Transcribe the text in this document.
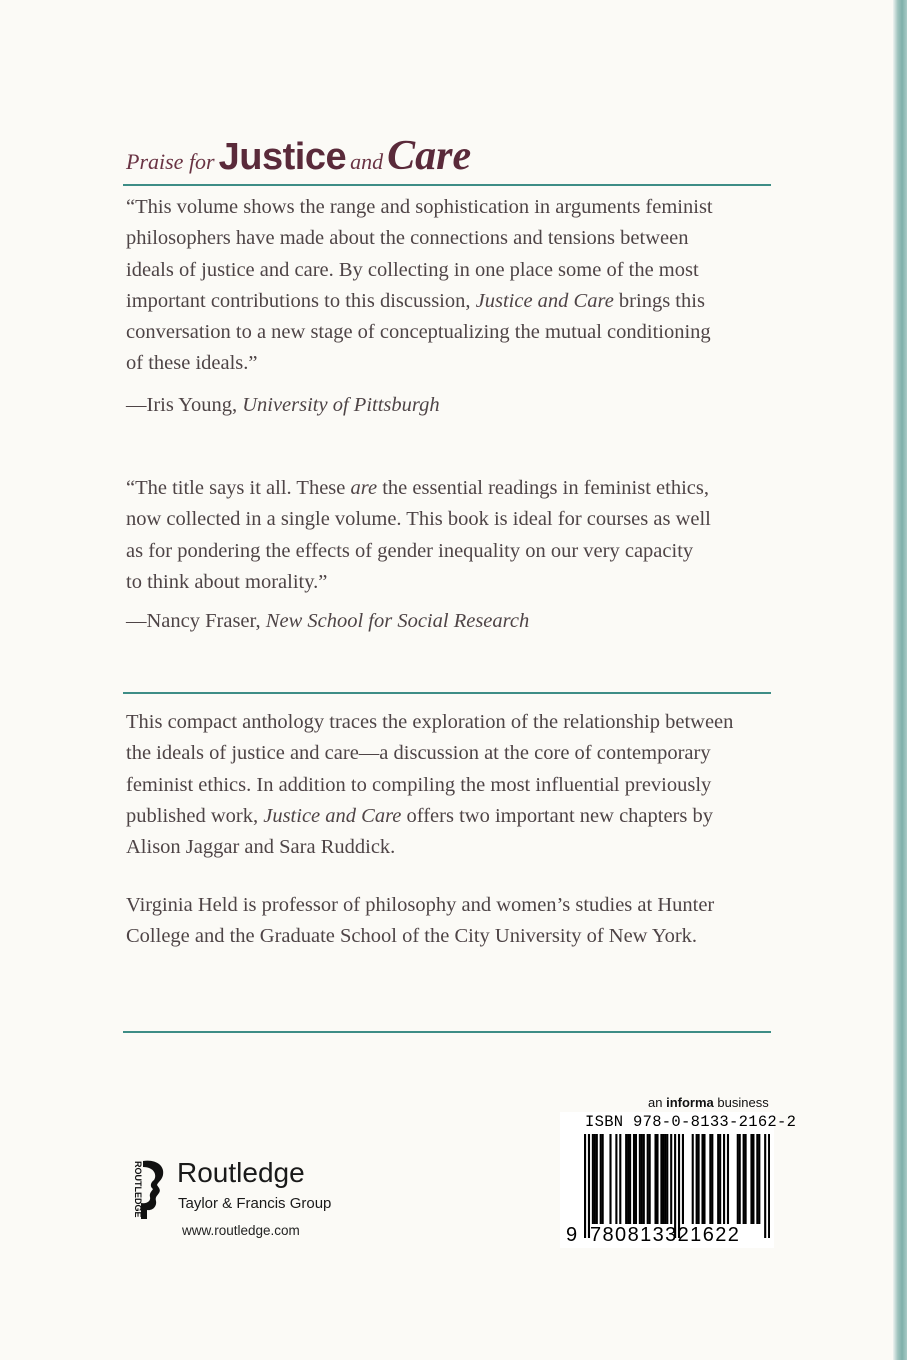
Praise for Justice and Care

“This volume shows the range and sophistication in arguments feminist
philosophers have made about the connections and tensions between
ideals of justice and care. By collecting in one place some of the most
important contributions to this discussion, Justice and Care brings this
conversation to a new stage of conceptualizing the mutual conditioning
of these ideals.”

—Iris Young, University of Pittsburgh

“The title says it all. These are the essential readings in feminist ethics,
now collected in a single volume. This book is ideal for courses as well
as for pondering the effects of gender inequality on our very capacity
to think about morality.”

—Nancy Fraser, New School for Social Research

This compact anthology traces the exploration of the relationship between
the ideals of justice and care—a discussion at the core of contemporary
feminist ethics. In addition to compiling the most influential previously
published work, Justice and Care offers two important new chapters by
Alison Jaggar and Sara Ruddick.

Virginia Held is professor of philosophy and women’s studies at Hunter
College and the Graduate School of the City University of New York.

ROUTLEDGE Routledge
Taylor & Francis Group
www.routledge.com
an informa business
ISBN 978-0-8133-2162-2
9 780813321622
